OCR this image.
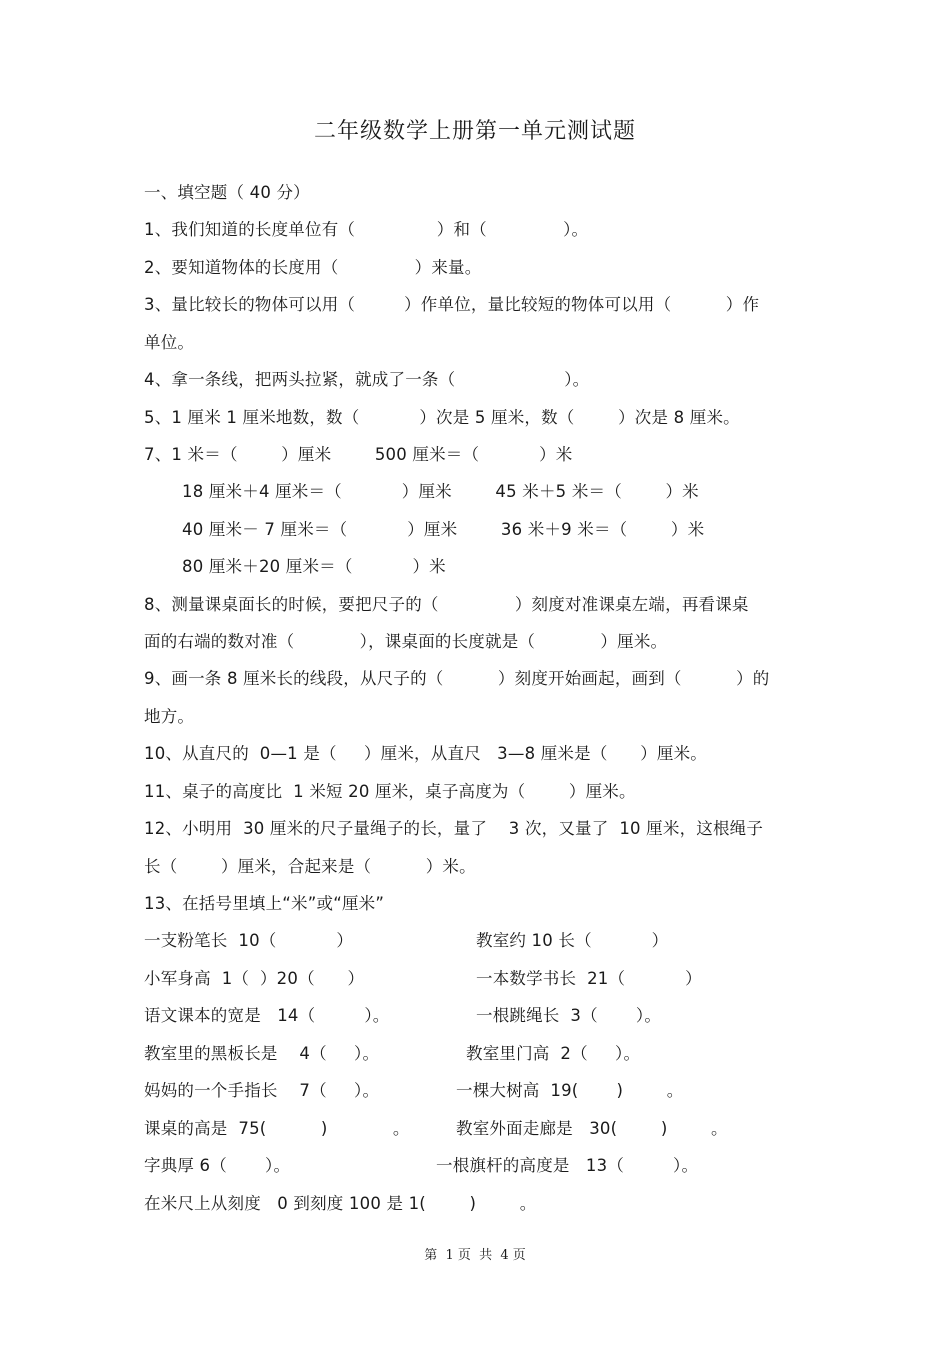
二年级数学上册第一单元测试题
一、填空题（ 40 分）
1、我们知道的长度单位有（               ）和（              ）。
2、要知道物体的长度用（              ）来量。
3、量比较长的物体可以用（         ）作单位，量比较短的物体可以用（          ）作
单位。
4、拿一条线，把两头拉紧，就成了一条（                    ）。
5、1 厘米 1 厘米地数，数（           ）次是 5 厘米，数（        ）次是 8 厘米。
7、1 米＝（        ）厘米        500 厘米＝（           ）米
18 厘米＋4 厘米＝（           ）厘米        45 米＋5 米＝（        ）米
40 厘米－ 7 厘米＝（           ）厘米        36 米＋9 米＝（        ）米
80 厘米＋20 厘米＝（           ）米
8、测量课桌面长的时候，要把尺子的（              ）刻度对准课桌左端，再看课桌
面的右端的数对准（            ），课桌面的长度就是（            ）厘米。
9、画一条 8 厘米长的线段，从尺子的（          ）刻度开始画起，画到（          ）的
地方。
10、从直尺的  0—1 是（     ）厘米，从直尺   3—8 厘米是（      ）厘米。
11、桌子的高度比  1 米短 20 厘米，桌子高度为（        ）厘米。
12、小明用  30 厘米的尺子量绳子的长，量了    3 次，又量了  10 厘米，这根绳子
长（        ）厘米，合起来是（          ）米。
13、在括号里填上“米”或“厘米”
一支粉笔长  10（           ）	教室约 10 长（           ）
小军身高  1（  ）20（      ）	一本数学书长  21（           ）
语文课本的宽是   14（         ）。	一根跳绳长  3（       ）。
教室里的黑板长是    4（     ）。	教室里门高  2（     ）。
妈妈的一个手指长    7（     ）。	一棵大树高  19(       )        。
课桌的高是  75(          )            。	教室外面走廊是   30(        )        。
字典厚 6（       ）。	一根旗杆的高度是   13（         ）。
在米尺上从刻度   0 到刻度 100 是 1(        )        。
第  1 页  共  4 页
